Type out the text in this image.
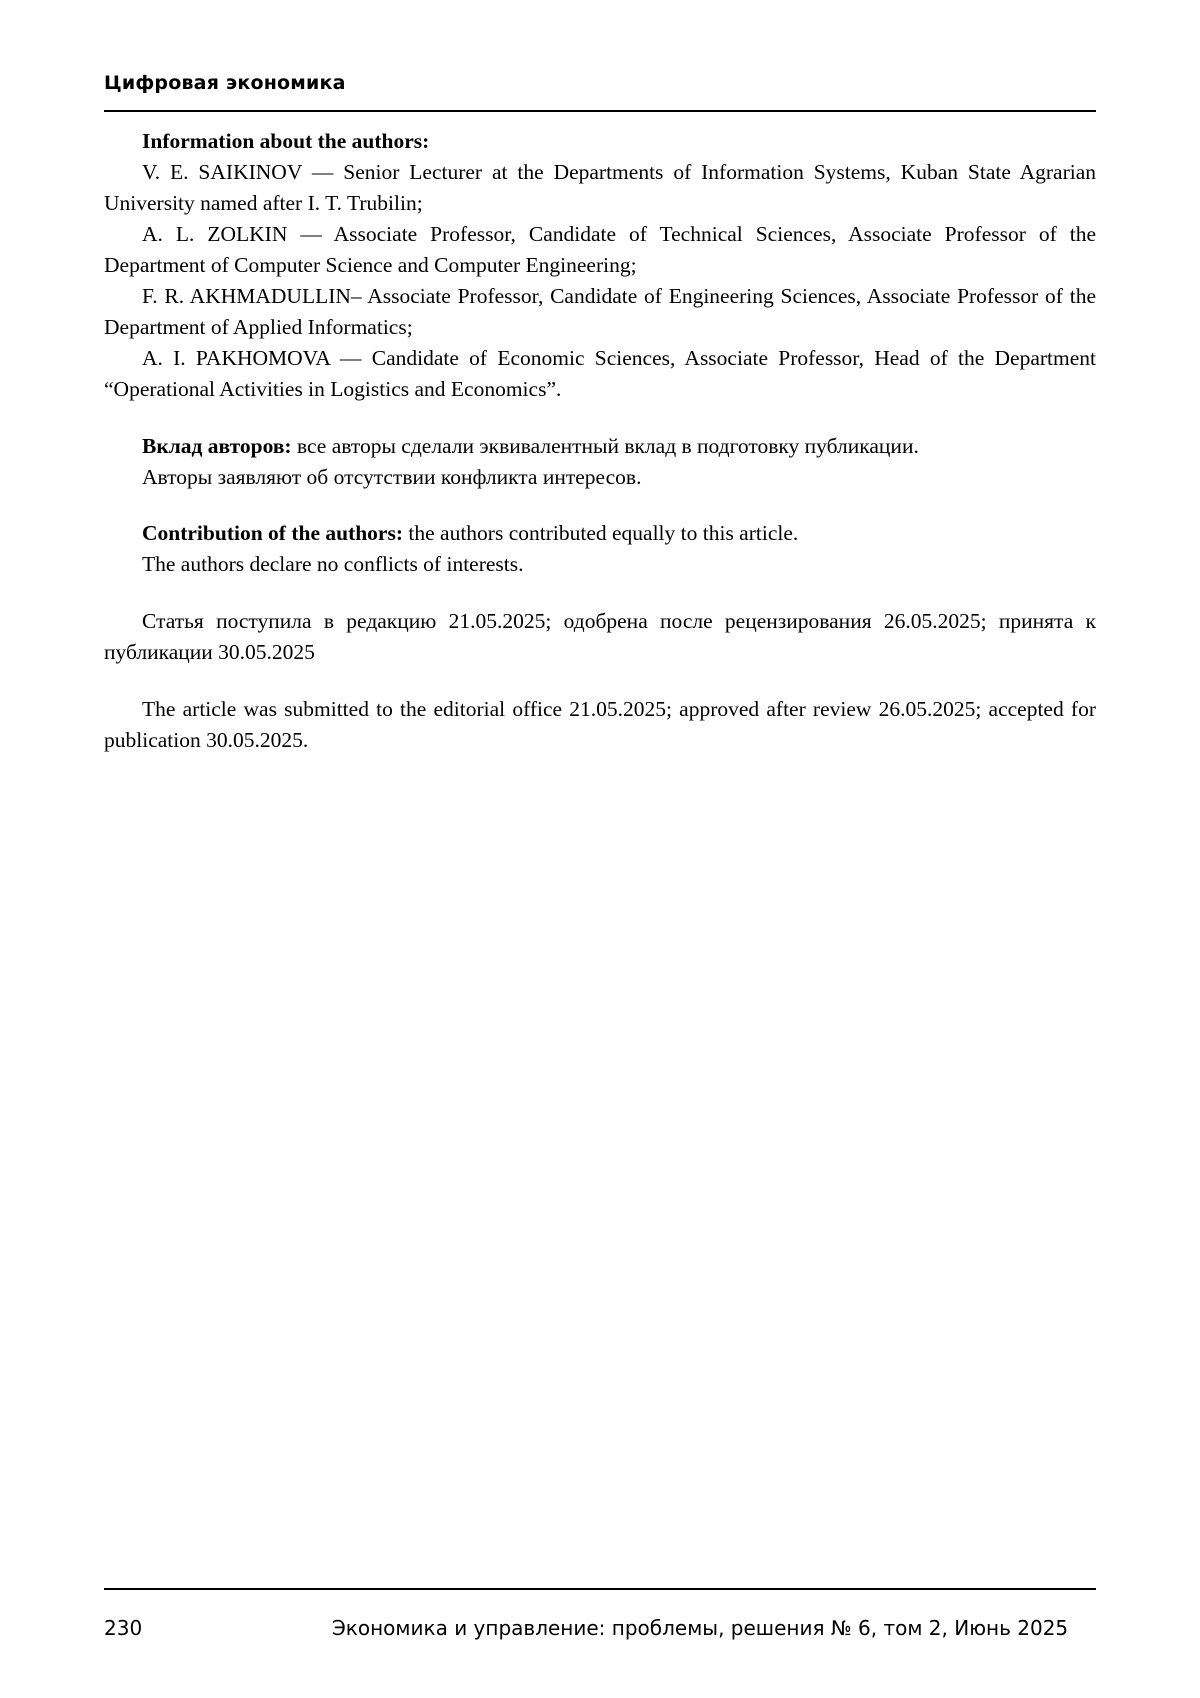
Цифровая экономика

Information about the authors:

V. E. SAIKINOV — Senior Lecturer at the Departments of Information Systems, Kuban State Agrarian University named after I. T. Trubilin;

A. L. ZOLKIN — Associate Professor, Candidate of Technical Sciences, Associate Professor of the Department of Computer Science and Computer Engineering;

F. R. AKHMADULLIN– Associate Professor, Candidate of Engineering Sciences, Associate Professor of the Department of Applied Informatics;

A. I. PAKHOMOVA — Candidate of Economic Sciences, Associate Professor, Head of the Department “Operational Activities in Logistics and Economics”.

Вклад авторов: все авторы сделали эквивалентный вклад в подготовку публикации.

Авторы заявляют об отсутствии конфликта интересов.

Contribution of the authors: the authors contributed equally to this article.

The authors declare no conflicts of interests.

Статья поступила в редакцию 21.05.2025; одобрена после рецензирования 26.05.2025; принята к публикации 30.05.2025

The article was submitted to the editorial office 21.05.2025; approved after review 26.05.2025; accepted for publication 30.05.2025.

230	Экономика и управление: проблемы, решения № 6, том 2, Июнь 2025
